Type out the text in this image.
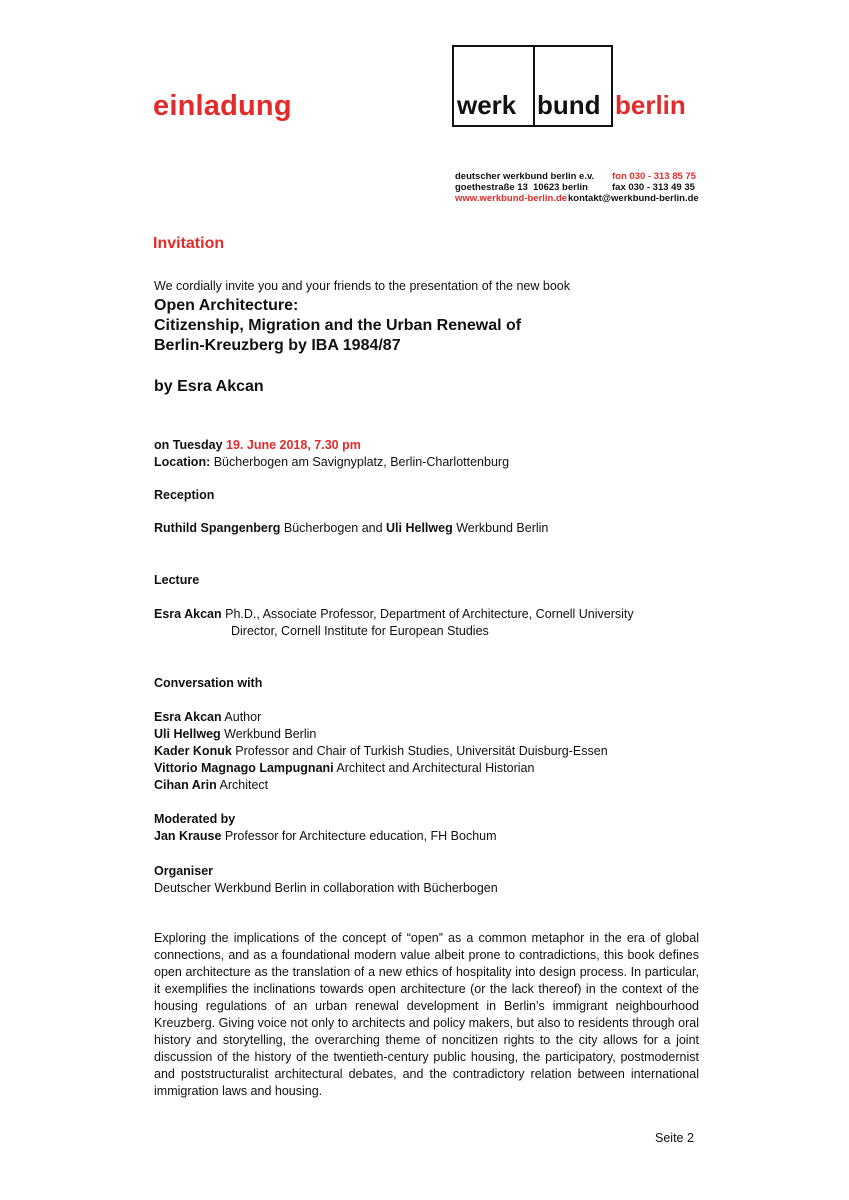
einladung	werk bund berlin
deutscher werkbund berlin e.v. fon 030 - 313 85 75
goethestraße 13 10623 berlin	fax 030 - 313 49 35
www.werkbund-berlin.de kontakt@werkbund-berlin.de
Invitation
We cordially invite you and your friends to the presentation of the new book
Open Architecture:
Citizenship, Migration and the Urban Renewal of
Berlin-Kreuzberg by IBA 1984/87
by Esra Akcan
on Tuesday 19. June 2018, 7.30 pm
Location: Bücherbogen am Savignyplatz, Berlin-Charlottenburg
Reception
Ruthild Spangenberg Bücherbogen and Uli Hellweg Werkbund Berlin
Lecture
Esra Akcan Ph.D., Associate Professor, Department of Architecture, Cornell University
Director, Cornell Institute for European Studies
Conversation with
Esra Akcan Author
Uli Hellweg Werkbund Berlin
Kader Konuk Professor and Chair of Turkish Studies, Universität Duisburg-Essen
Vittorio Magnago Lampugnani Architect and Architectural Historian
Cihan Arin Architect
Moderated by
Jan Krause Professor for Architecture education, FH Bochum
Organiser
Deutscher Werkbund Berlin in collaboration with Bücherbogen
Exploring the implications of the concept of “open” as a common metaphor in the era of global connections, and as a foundational modern value albeit prone to contradictions, this book defines open architecture as the translation of a new ethics of hospitality into design process. In particular, it exemplifies the inclinations towards open architecture (or the lack thereof) in the context of the housing regulations of an urban renewal development in Berlin’s immigrant neighbourhood Kreuzberg. Giving voice not only to architects and policy makers, but also to residents through oral history and storytelling, the overarching theme of noncitizen rights to the city allows for a joint discussion of the history of the twentieth-century public housing, the participatory, postmodernist and poststructuralist architectural debates, and the contradictory relation between international immigration laws and housing.
Seite 2
